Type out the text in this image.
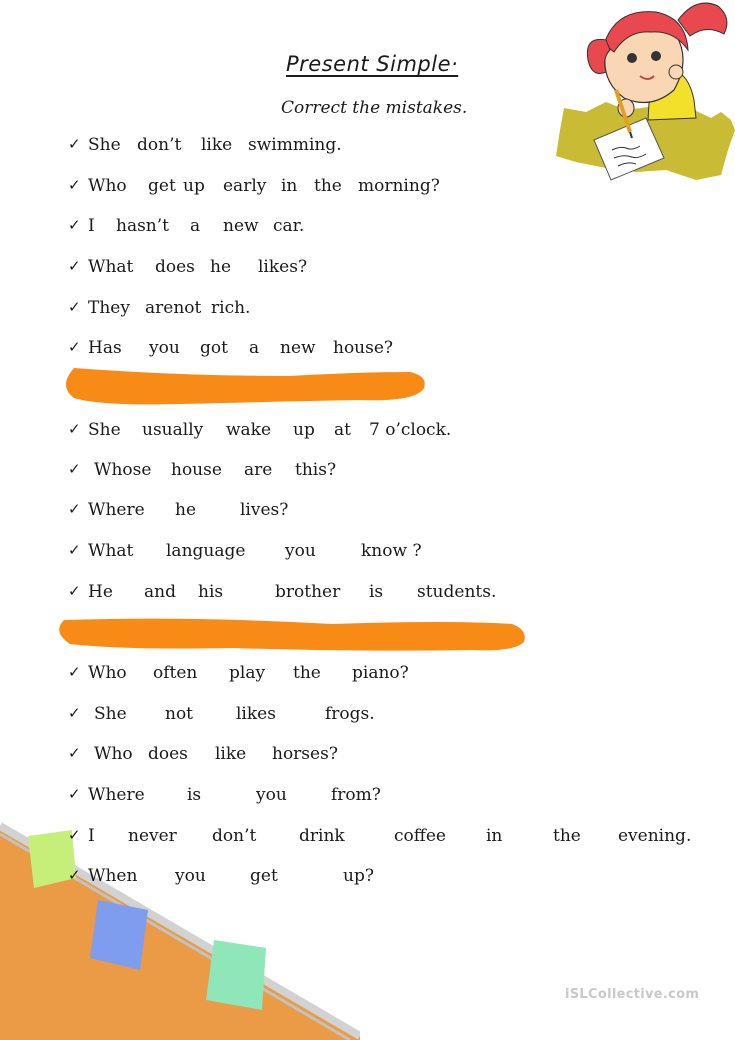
Present Simple·
Correct the mistakes.
✓ She don’t like swimming.
✓ Who get up early in the morning?
✓ I hasn’t a new car.
✓ What does he likes?
✓ They arenot rich.
✓ Has you got a new house?
✓ She usually wake up at 7 o’clock.
✓ Whose house are this?
✓ Where he	lives?
✓ What language you	know ?
✓ He and his	brother is students.
✓ Who often play the piano?
✓ She not	likes	frogs.
✓ Who does like horses?
✓ Where is	you	from?
✓ I never don’t	drink	coffee in	the evening.
✓ When you	get	up?
iSLCollective.com
